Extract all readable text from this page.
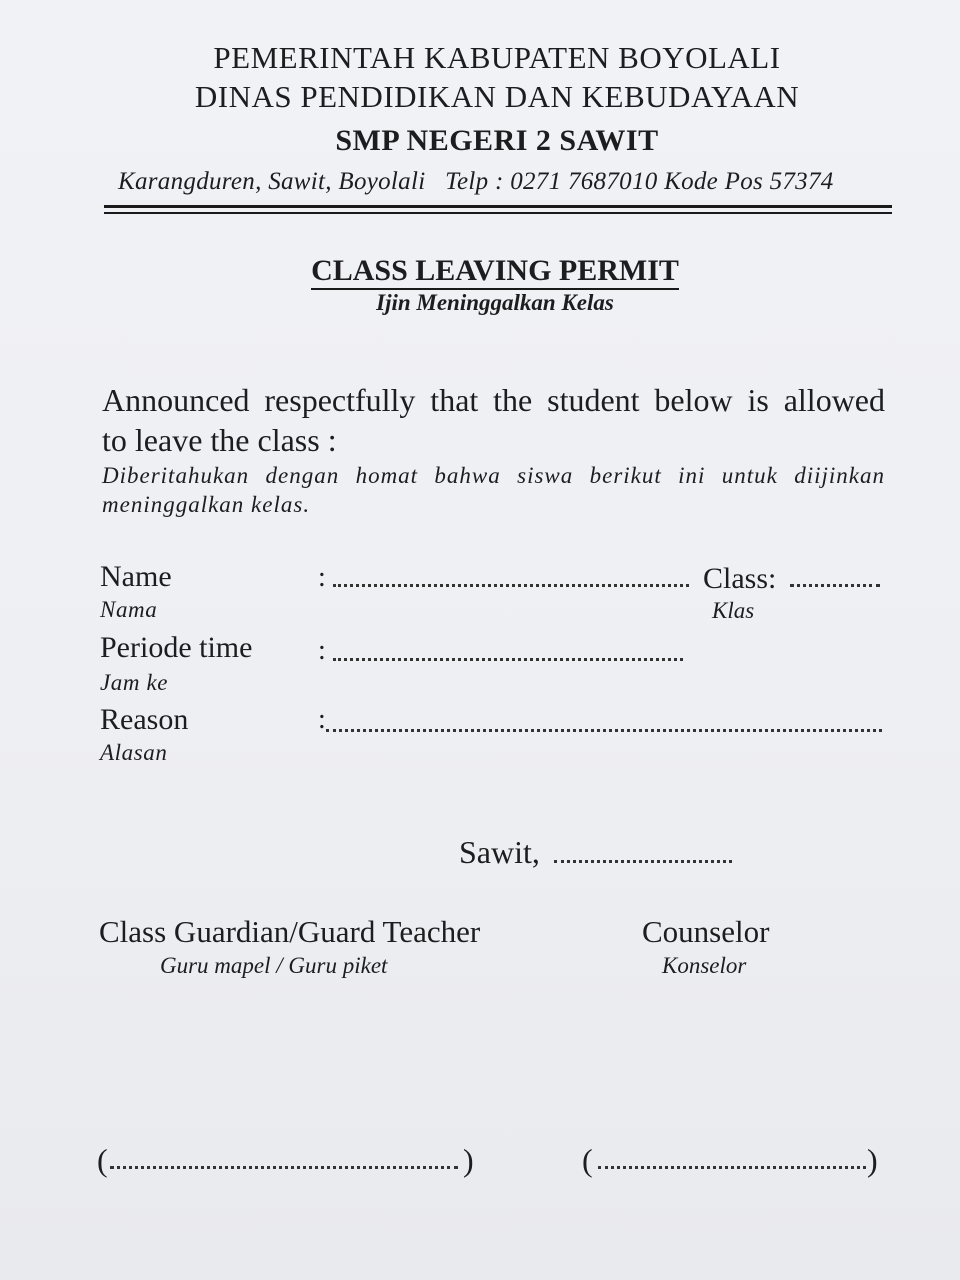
PEMERINTAH KABUPATEN BOYOLALI
DINAS PENDIDIKAN DAN KEBUDAYAAN
SMP NEGERI 2 SAWIT
Karangduren, Sawit, Boyolali   Telp : 0271 7687010 Kode Pos 57374
CLASS LEAVING PERMIT
Ijin Meninggalkan Kelas
Announced respectfully that the student below is allowed
to leave the class :
Diberitahukan dengan homat bahwa siswa berikut ini untuk diijinkan
meninggalkan kelas.
Name
Nama
:	Class:
Klas
Periode time
Jam ke
:
Reason
Alasan
:
Sawit,
Class Guardian/Guard Teacher
Guru mapel / Guru piket
Counselor
Konselor
(	)	(	)
